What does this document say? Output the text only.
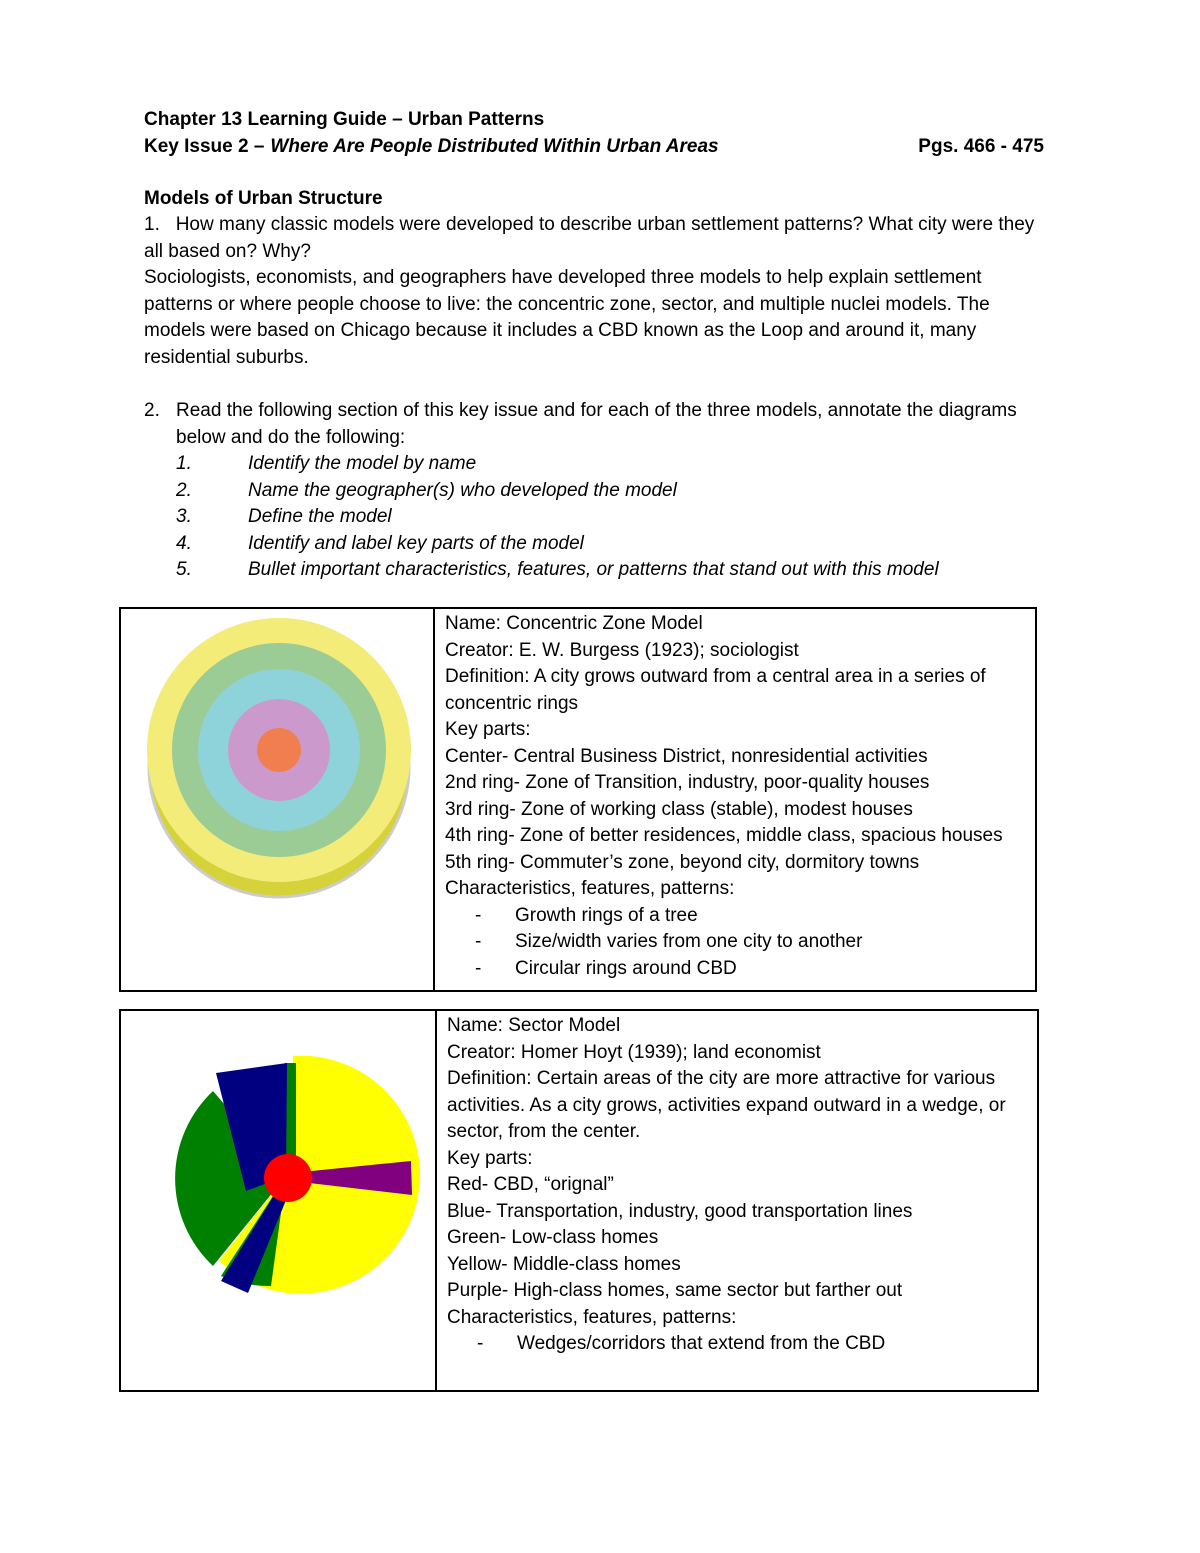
Chapter 13 Learning Guide – Urban Patterns
Key Issue 2 – Where Are People Distributed Within Urban Areas	Pgs. 466 - 475
Models of Urban Structure
1. How many classic models were developed to describe urban settlement patterns? What city were they all based on? Why?
Sociologists, economists, and geographers have developed three models to help explain settlement patterns or where people choose to live: the concentric zone, sector, and multiple nuclei models. The models were based on Chicago because it includes a CBD known as the Loop and around it, many residential suburbs.
2. Read the following section of this key issue and for each of the three models, annotate the diagrams below and do the following:
1.	Identify the model by name
2.	Name the geographer(s) who developed the model
3.	Define the model
4.	Identify and label key parts of the model
5.	Bullet important characteristics, features, or patterns that stand out with this model

Name: Concentric Zone Model
Creator: E. W. Burgess (1923); sociologist
Definition: A city grows outward from a central area in a series of concentric rings
Key parts:
Center- Central Business District, nonresidential activities
2nd ring- Zone of Transition, industry, poor-quality houses
3rd ring- Zone of working class (stable), modest houses
4th ring- Zone of better residences, middle class, spacious houses
5th ring- Commuter’s zone, beyond city, dormitory towns
Characteristics, features, patterns:
-	Growth rings of a tree
-	Size/width varies from one city to another
-	Circular rings around CBD

Name: Sector Model
Creator: Homer Hoyt (1939); land economist
Definition: Certain areas of the city are more attractive for various activities. As a city grows, activities expand outward in a wedge, or sector, from the center.
Key parts:
Red- CBD, “orignal”
Blue- Transportation, industry, good transportation lines
Green- Low-class homes
Yellow- Middle-class homes
Purple- High-class homes, same sector but farther out
Characteristics, features, patterns:
-	Wedges/corridors that extend from the CBD
